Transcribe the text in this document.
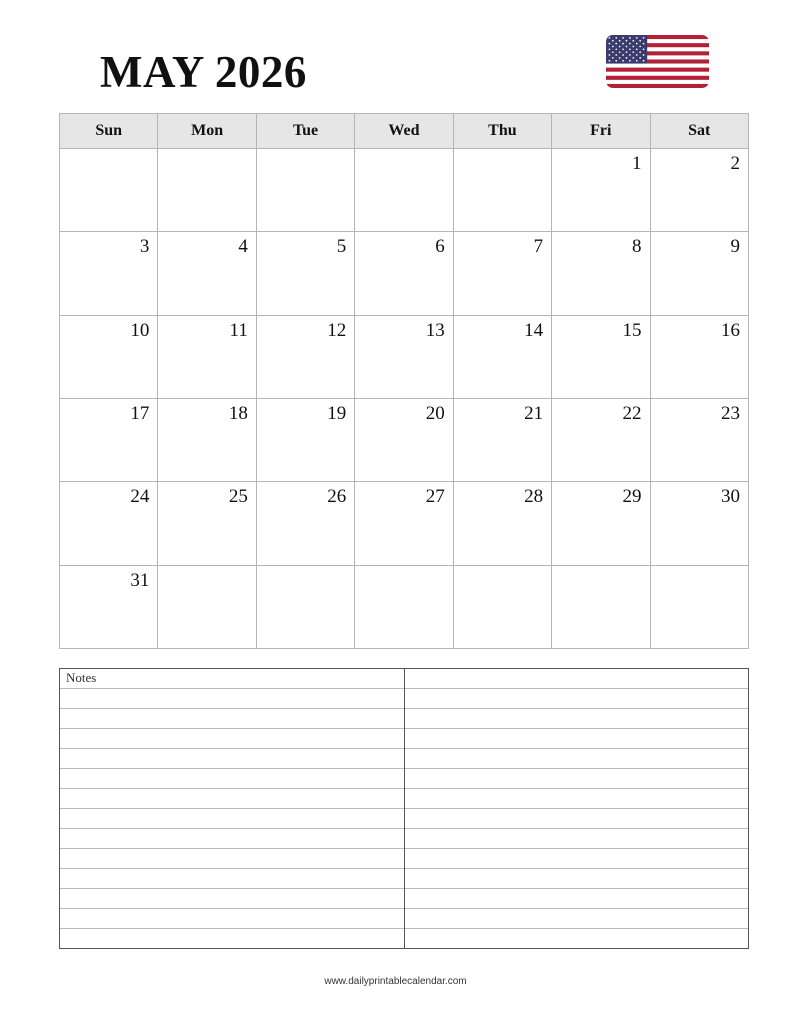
MAY 2026
Sun	Mon	Tue	Wed	Thu	Fri	Sat

					1	2

3	4	5	6	7	8	9

10	11	12	13	14	15	16

17	18	19	20	21	22	23

24	25	26	27	28	29	30

31						

Notes
www.dailyprintablecalendar.com
